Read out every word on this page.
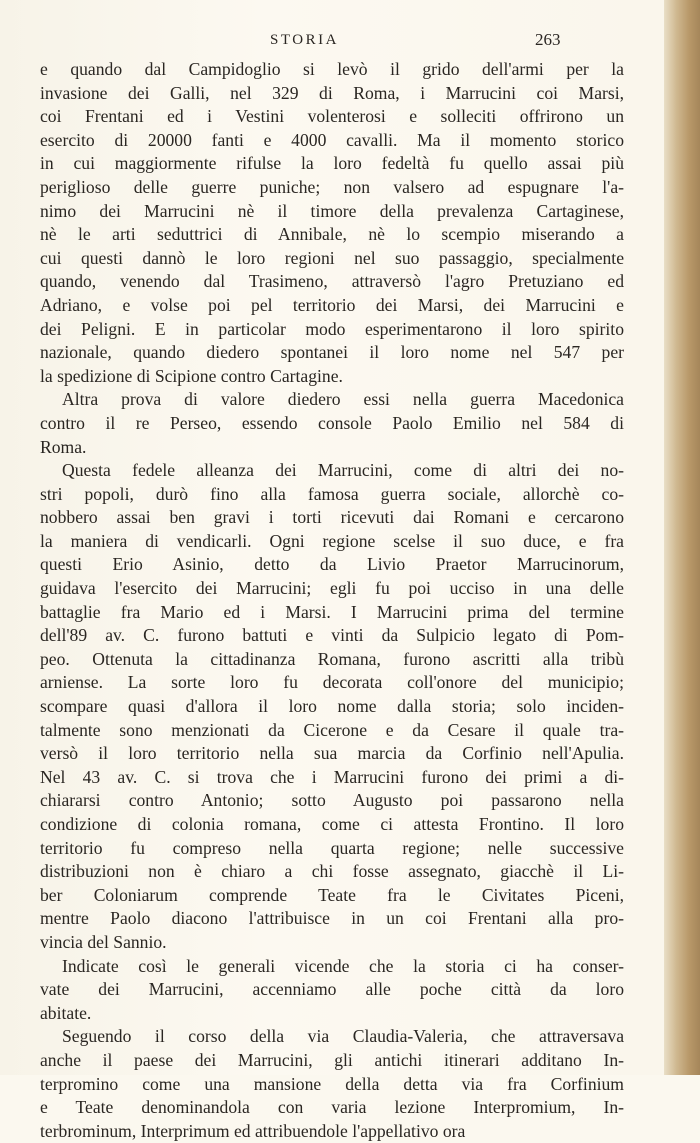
STORIA	263
e quando dal Campidoglio si levò il grido dell'armi per la
invasione dei Galli, nel 329 di Roma, i Marrucini coi Marsi,
coi Frentani ed i Vestini volenterosi e solleciti offrirono un
esercito di 20000 fanti e 4000 cavalli. Ma il momento storico
in cui maggiormente rifulse la loro fedeltà fu quello assai più
periglioso delle guerre puniche; non valsero ad espugnare l'a-
nimo dei Marrucini nè il timore della prevalenza Cartaginese,
nè le arti seduttrici di Annibale, nè lo scempio miserando a
cui questi dannò le loro regioni nel suo passaggio, specialmente
quando, venendo dal Trasimeno, attraversò l'agro Pretuziano ed
Adriano, e volse poi pel territorio dei Marsi, dei Marrucini e
dei Peligni. E in particolar modo esperimentarono il loro spirito
nazionale, quando diedero spontanei il loro nome nel 547 per
la spedizione di Scipione contro Cartagine.
Altra prova di valore diedero essi nella guerra Macedonica
contro il re Perseo, essendo console Paolo Emilio nel 584 di
Roma.
Questa fedele alleanza dei Marrucini, come di altri dei no-
stri popoli, durò fino alla famosa guerra sociale, allorchè co-
nobbero assai ben gravi i torti ricevuti dai Romani e cercarono
la maniera di vendicarli. Ogni regione scelse il suo duce, e fra
questi Erio Asinio, detto da Livio Praetor Marrucinorum,
guidava l'esercito dei Marrucini; egli fu poi ucciso in una delle
battaglie fra Mario ed i Marsi. I Marrucini prima del termine
dell'89 av. C. furono battuti e vinti da Sulpicio legato di Pom-
peo. Ottenuta la cittadinanza Romana, furono ascritti alla tribù
arniense. La sorte loro fu decorata coll'onore del municipio;
scompare quasi d'allora il loro nome dalla storia; solo inciden-
talmente sono menzionati da Cicerone e da Cesare il quale tra-
versò il loro territorio nella sua marcia da Corfinio nell'Apulia.
Nel 43 av. C. si trova che i Marrucini furono dei primi a di-
chiararsi contro Antonio; sotto Augusto poi passarono nella
condizione di colonia romana, come ci attesta Frontino. Il loro
territorio fu compreso nella quarta regione; nelle successive
distribuzioni non è chiaro a chi fosse assegnato, giacchè il Li-
ber Coloniarum comprende Teate fra le Civitates Piceni,
mentre Paolo diacono l'attribuisce in un coi Frentani alla pro-
vincia del Sannio.
Indicate così le generali vicende che la storia ci ha conser-
vate dei Marrucini, accenniamo alle poche città da loro
abitate.
Seguendo il corso della via Claudia-Valeria, che attraversava
anche il paese dei Marrucini, gli antichi itinerari additano In-
terpromino come una mansione della detta via fra Corfinium
e Teate denominandola con varia lezione Interpromium, In-
terbrominum, Interprimum ed attribuendole l'appellativo ora
